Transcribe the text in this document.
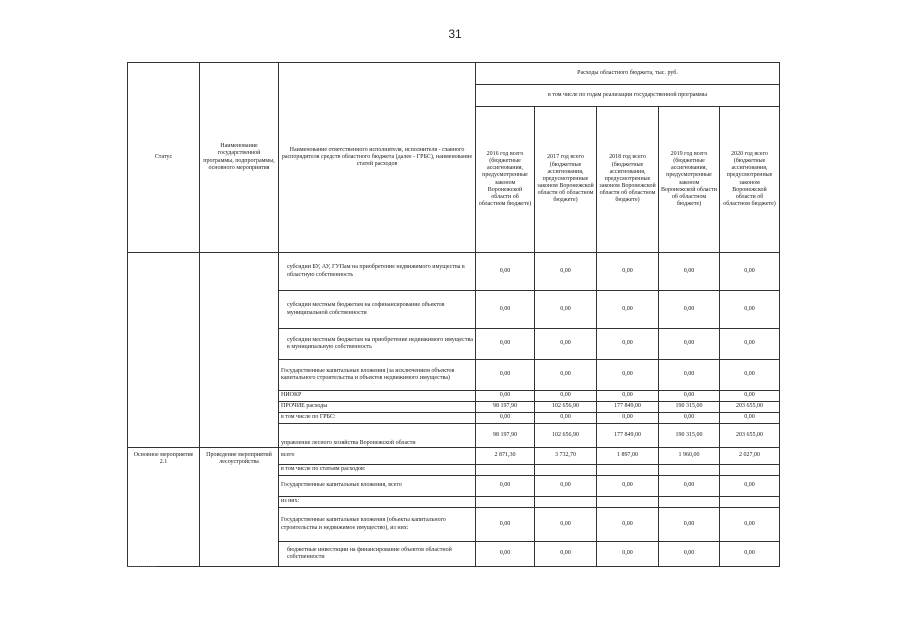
31
Статус	Наименование государственной программы, подпрограммы, основного мероприятия	Наименование ответственного исполнителя, исполнителя - главного распорядителя средств областного бюджета (далее - ГРБС), наименование статей расходов	Расходы областного бюджета, тыс. руб.				
			в том числе по годам реализации государственной программы				
			2016 год всего (бюджетные ассигнования, предусмотренные законом Воронежской области об областном бюджете)	2017 год всего (бюджетные ассигнования, предусмотренные законом Воронежской области об областном бюджете)	2018 год всего (бюджетные ассигнования, предусмотренные законом Воронежской области об областном бюджете)	2019 год всего (бюджетные ассигнования, предусмотренные законом Воронежской области об областном бюджете)	2020 год всего (бюджетные ассигнования, предусмотренные законом Воронежской области об областном бюджете)
		субсидии БУ, АУ, ГУПам на приобретение недвижимого имущества в областную собственность	0,00	0,00	0,00	0,00	0,00
		субсидии местным бюджетам на софинансирование объектов муниципальной собственности	0,00	0,00	0,00	0,00	0,00
		субсидии местным бюджетам на приобретение недвижимого имущества в муниципальную собственность	0,00	0,00	0,00	0,00	0,00
		Государственные капитальные вложения (за исключением объектов капитального строительства и объектов недвижимого имущества)	0,00	0,00	0,00	0,00	0,00
		НИОКР	0,00	0,00	0,00	0,00	0,00
		ПРОЧИЕ расходы	98 197,90	102 656,90	177 849,00	190 315,00	203 655,00
		в том числе по ГРБС:	0,00	0,00	0,00	0,00	0,00
		управление лесного хозяйства Воронежской области	98 197,90	102 656,90	177 849,00	190 315,00	203 655,00
Основное мероприятие 2.1	Проведение мероприятий лесоустройства	всего	2 871,30	3 732,70	1 897,00	1 960,00	2 027,00
		в том числе по статьям расходов:					
		Государственные капитальные вложения, всего	0,00	0,00	0,00	0,00	0,00
		из них:					
		Государственные капитальные вложения (объекты капитального строительства и недвижимое имущество), из них:	0,00	0,00	0,00	0,00	0,00
		бюджетные инвестиции на финансирование объектов областной собственности	0,00	0,00	0,00	0,00	0,00
